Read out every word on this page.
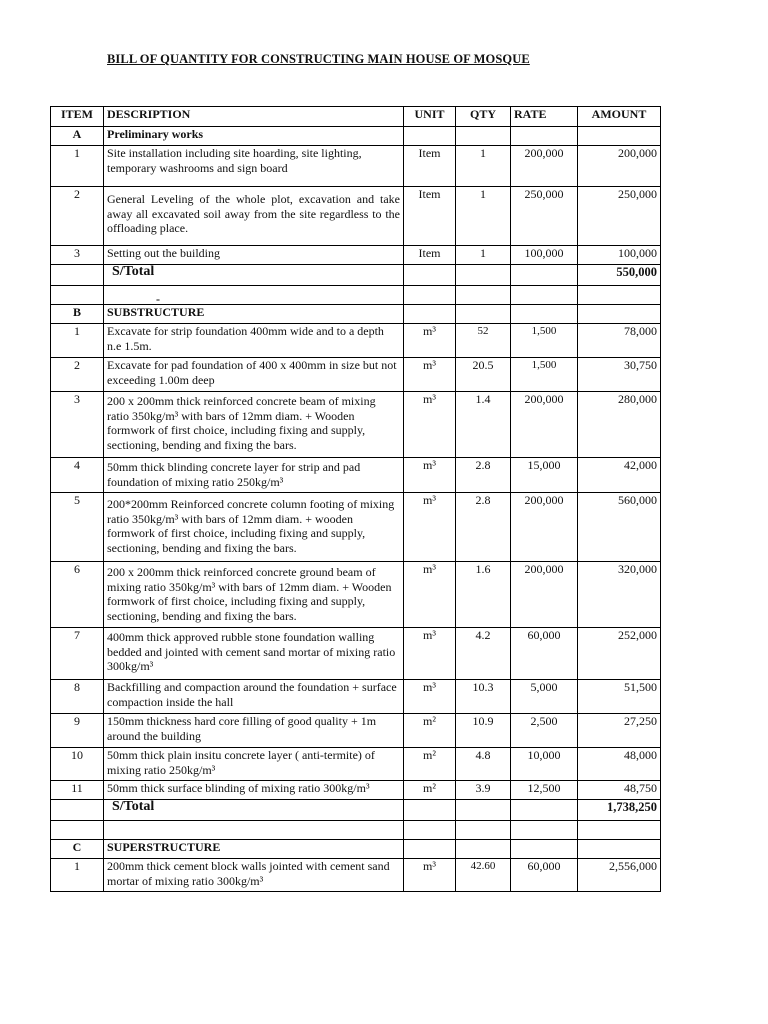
BILL OF QUANTITY FOR CONSTRUCTING MAIN HOUSE OF MOSQUE
ITEM	DESCRIPTION	UNIT	QTY	RATE	AMOUNT
A	Preliminary works				
1	Site installation including site hoarding, site lighting, temporary washrooms and sign board	Item	1	200,000	200,000
2	General Leveling of the whole plot, excavation and take away all excavated soil away from the site regardless to the offloading place.	Item	1	250,000	250,000
3	Setting out the building	Item	1	100,000	100,000
	S/Total				550,000
	-				
B	SUBSTRUCTURE				
1	Excavate for strip foundation 400mm wide and to a depth n.e 1.5m.	m³	52	1,500	78,000
2	Excavate for pad foundation of 400 x 400mm in size but not exceeding 1.00m deep	m³	20.5	1,500	30,750
3	200 x 200mm thick reinforced concrete beam of mixing ratio 350kg/m³ with bars of 12mm diam. + Wooden formwork of first choice, including fixing and supply, sectioning, bending and fixing the bars.	m³	1.4	200,000	280,000
4	50mm thick blinding concrete layer for strip and pad foundation of mixing ratio 250kg/m³	m³	2.8	15,000	42,000
5	200*200mm Reinforced concrete column footing of mixing ratio 350kg/m³ with bars of 12mm diam. + wooden formwork of first choice, including fixing and supply, sectioning, bending and fixing the bars.	m³	2.8	200,000	560,000
6	200 x 200mm thick reinforced concrete ground beam of mixing ratio 350kg/m³ with bars of 12mm diam. + Wooden formwork of first choice, including fixing and supply, sectioning, bending and fixing the bars.	m³	1.6	200,000	320,000
7	400mm thick approved rubble stone foundation walling bedded and jointed with cement sand mortar of mixing ratio 300kg/m³	m³	4.2	60,000	252,000
8	Backfilling and compaction around the foundation + surface compaction inside the hall	m³	10.3	5,000	51,500
9	150mm thickness hard core filling of good quality + 1m around the building	m²	10.9	2,500	27,250
10	50mm thick plain insitu concrete layer ( anti-termite) of mixing ratio 250kg/m³	m²	4.8	10,000	48,000
11	50mm thick surface blinding of mixing ratio 300kg/m³	m²	3.9	12,500	48,750
	S/Total				1,738,250

C	SUPERSTRUCTURE				
1	200mm thick cement block walls jointed with cement sand mortar of mixing ratio 300kg/m³	m³	42.60	60,000	2,556,000
